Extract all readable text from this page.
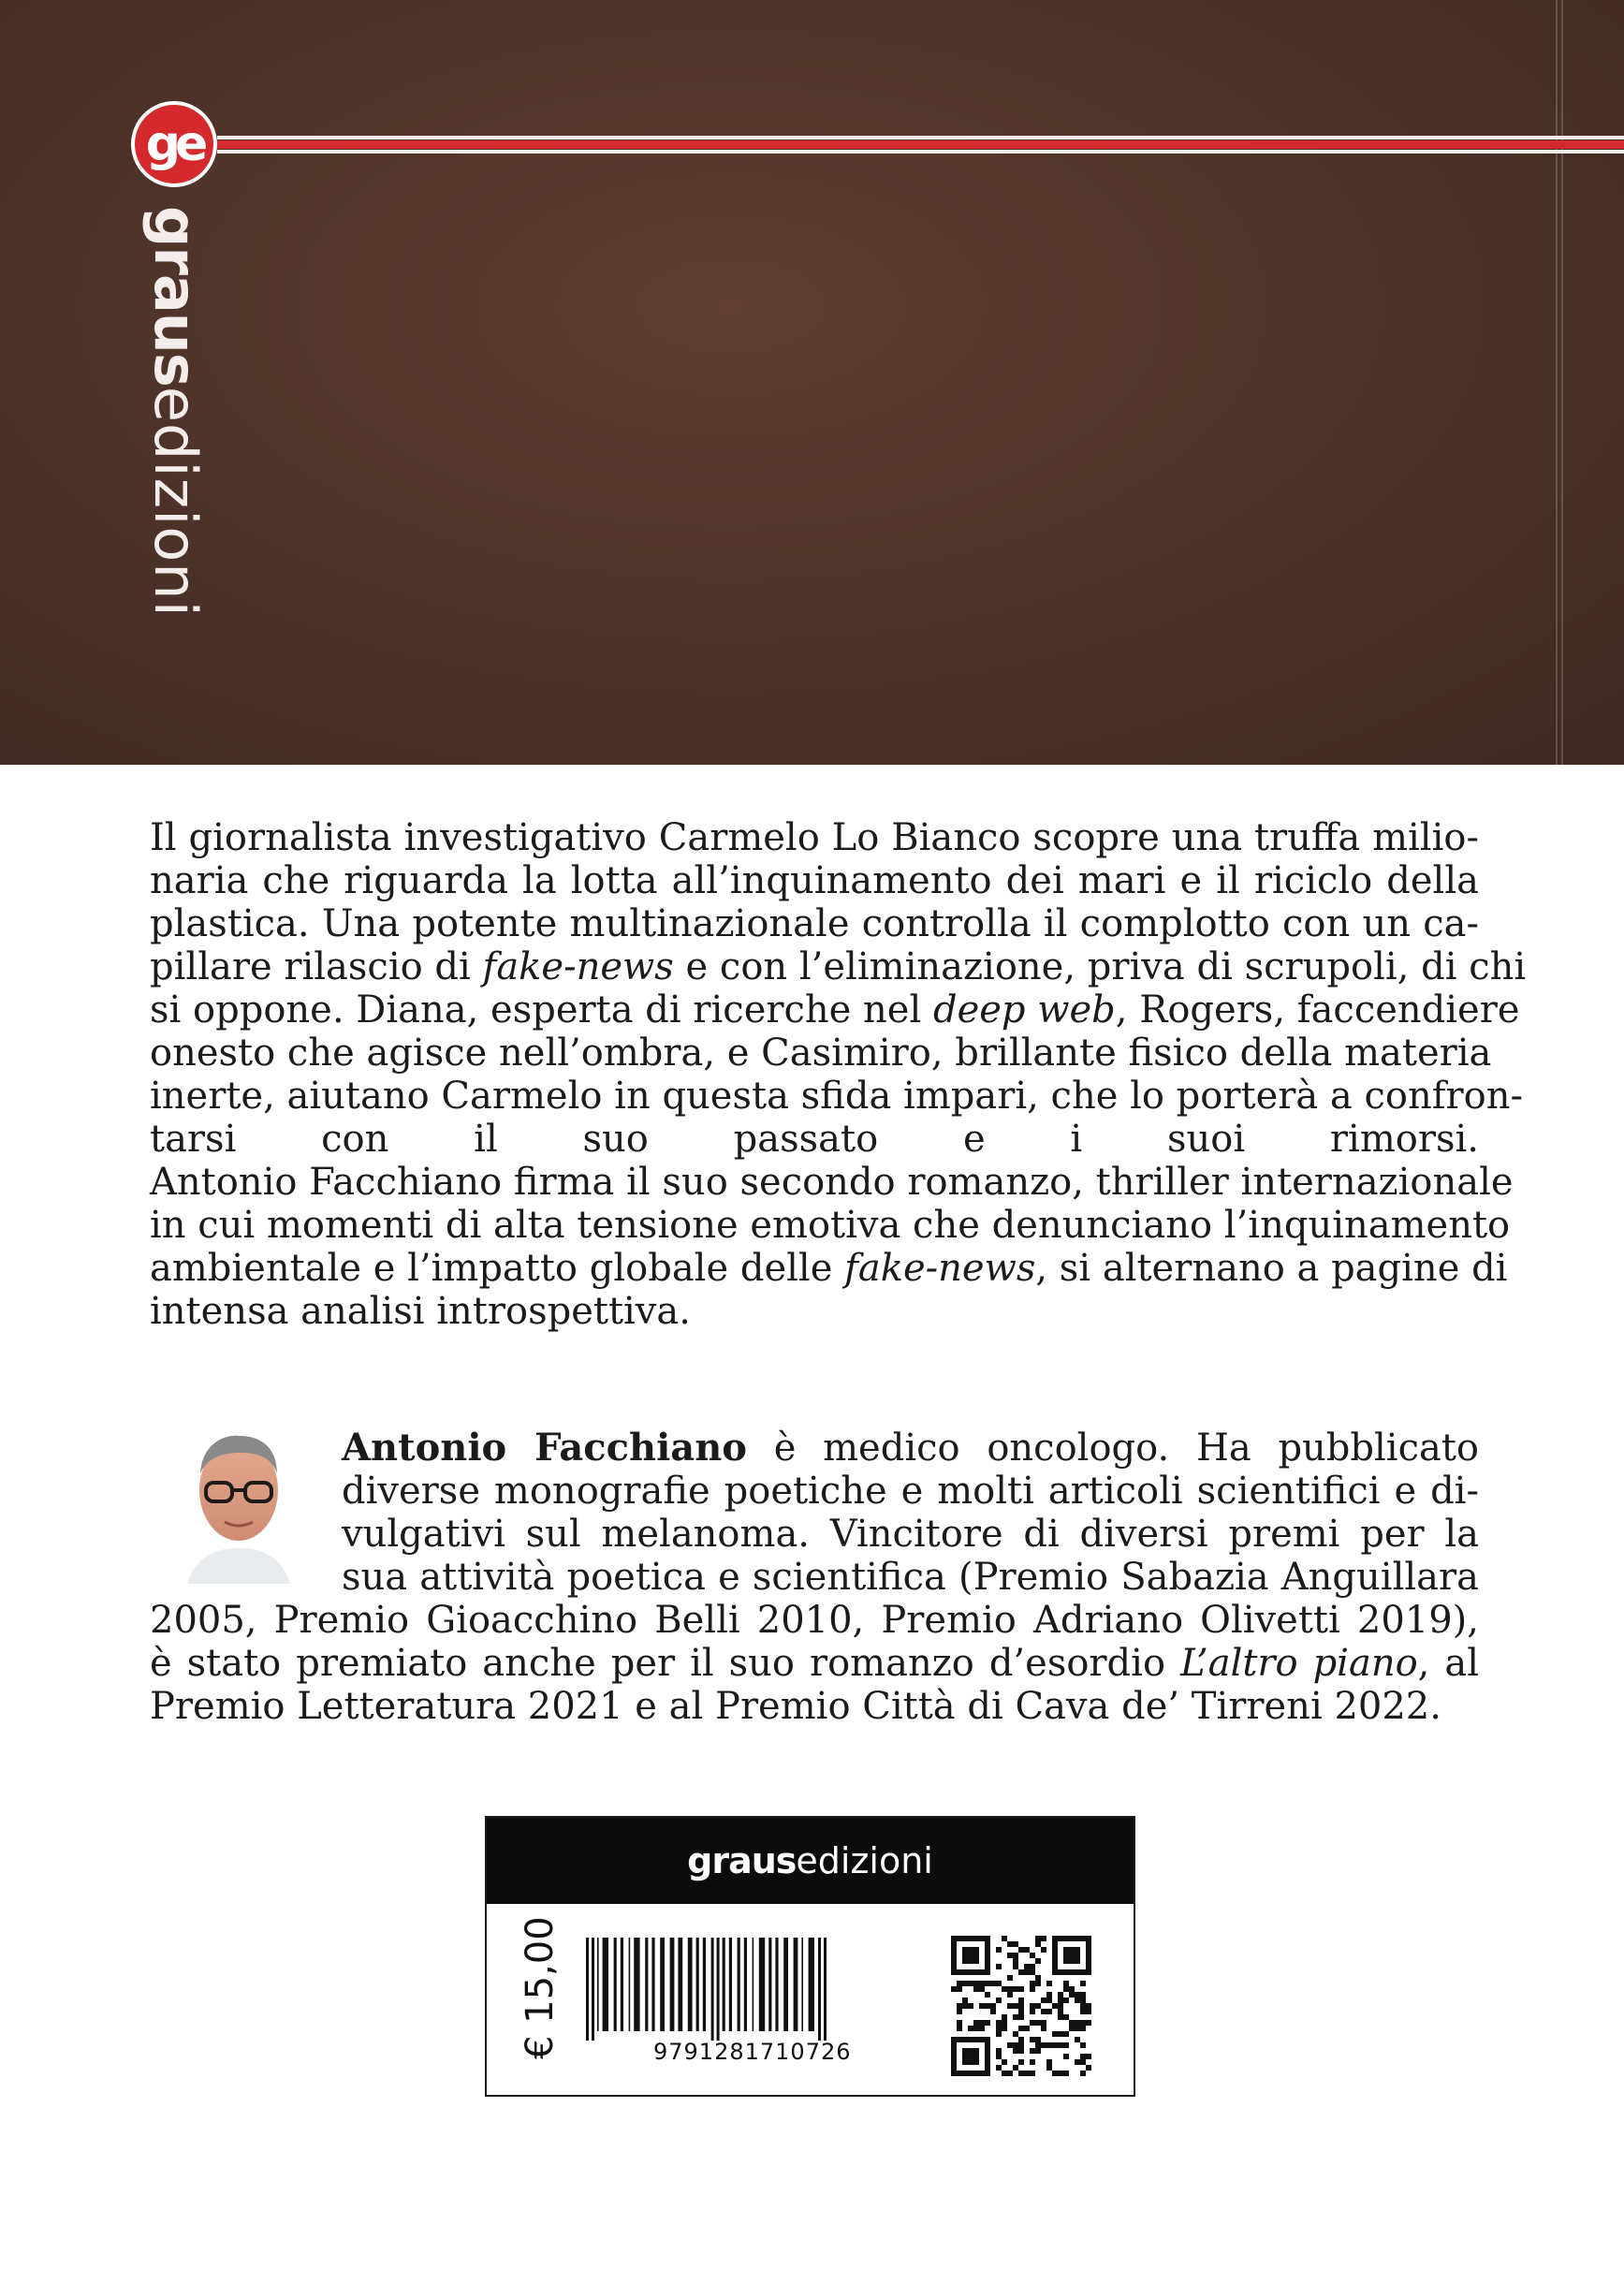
ge
grausedizioni
Il giornalista investigativo Carmelo Lo Bianco scopre una truffa milio-
naria che riguarda la lotta all’inquinamento dei mari e il riciclo della
plastica. Una potente multinazionale controlla il complotto con un ca-
pillare rilascio di fake-news e con l’eliminazione, priva di scrupoli, di chi
si oppone. Diana, esperta di ricerche nel deep web, Rogers, faccendiere
onesto che agisce nell’ombra, e Casimiro, brillante fisico della materia
inerte, aiutano Carmelo in questa sfida impari, che lo porterà a confron-
tarsi con il suo passato e i suoi rimorsi.
Antonio Facchiano firma il suo secondo romanzo, thriller internazionale
in cui momenti di alta tensione emotiva che denunciano l’inquinamento
ambientale e l’impatto globale delle fake-news, si alternano a pagine di
intensa analisi introspettiva.
Antonio Facchiano è medico oncologo. Ha pubblicato
diverse monografie poetiche e molti articoli scientifici e di-
vulgativi sul melanoma. Vincitore di diversi premi per la
sua attività poetica e scientifica (Premio Sabazia Anguillara
2005, Premio Gioacchino Belli 2010, Premio Adriano Olivetti 2019),
è stato premiato anche per il suo romanzo d’esordio L’altro piano, al
Premio Letteratura 2021 e al Premio Città di Cava de’ Tirreni 2022.
graus edizioni
€ 15,00	9791281710726
